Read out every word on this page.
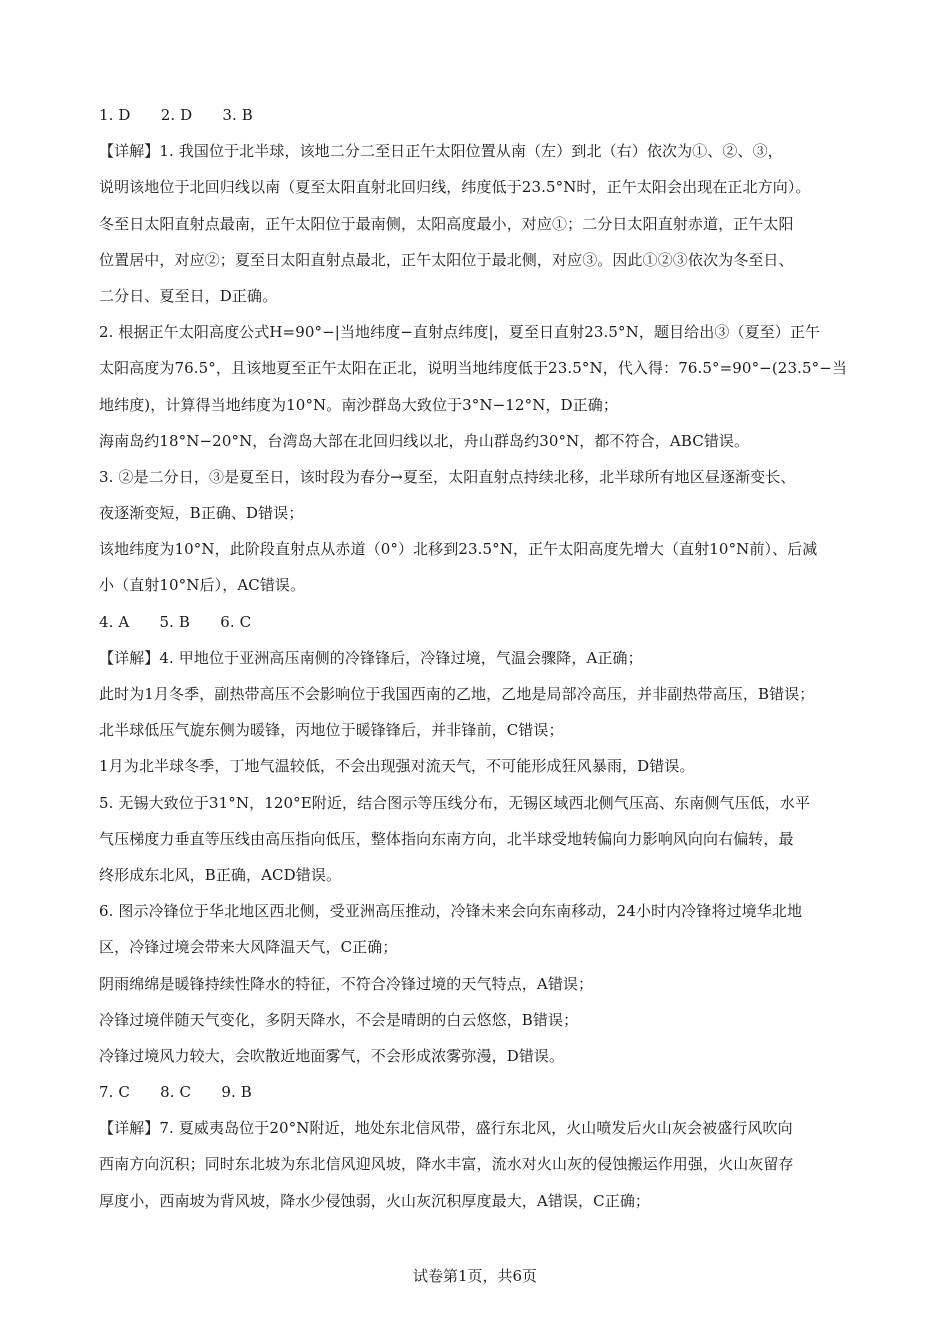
1. D　　2. D　　3. B
【详解】1. 我国位于北半球，该地二分二至日正午太阳位置从南（左）到北（右）依次为①、②、③，
说明该地位于北回归线以南（夏至太阳直射北回归线，纬度低于23.5°N时，正午太阳会出现在正北方向）。
冬至日太阳直射点最南，正午太阳位于最南侧，太阳高度最小，对应①；二分日太阳直射赤道，正午太阳
位置居中，对应②；夏至日太阳直射点最北，正午太阳位于最北侧，对应③。因此①②③依次为冬至日、
二分日、夏至日，D正确。
2. 根据正午太阳高度公式H=90°−|当地纬度−直射点纬度|，夏至日直射23.5°N，题目给出③（夏至）正午
太阳高度为76.5°，且该地夏至正午太阳在正北，说明当地纬度低于23.5°N，代入得：76.5°=90°−(23.5°−当
地纬度)，计算得当地纬度为10°N。南沙群岛大致位于3°N−12°N，D正确；
海南岛约18°N−20°N，台湾岛大部在北回归线以北，舟山群岛约30°N，都不符合，ABC错误。
3. ②是二分日，③是夏至日，该时段为春分→夏至，太阳直射点持续北移，北半球所有地区昼逐渐变长、
夜逐渐变短，B正确、D错误；
该地纬度为10°N，此阶段直射点从赤道（0°）北移到23.5°N，正午太阳高度先增大（直射10°N前）、后减
小（直射10°N后），AC错误。
4. A　　5. B　　6. C
【详解】4. 甲地位于亚洲高压南侧的冷锋锋后，冷锋过境，气温会骤降，A正确；
此时为1月冬季，副热带高压不会影响位于我国西南的乙地，乙地是局部冷高压，并非副热带高压，B错误；
北半球低压气旋东侧为暖锋，丙地位于暖锋锋后，并非锋前，C错误；
1月为北半球冬季，丁地气温较低，不会出现强对流天气，不可能形成狂风暴雨，D错误。
5. 无锡大致位于31°N，120°E附近，结合图示等压线分布，无锡区域西北侧气压高、东南侧气压低，水平
气压梯度力垂直等压线由高压指向低压，整体指向东南方向，北半球受地转偏向力影响风向向右偏转，最
终形成东北风，B正确，ACD错误。
6. 图示冷锋位于华北地区西北侧，受亚洲高压推动，冷锋未来会向东南移动，24小时内冷锋将过境华北地
区，冷锋过境会带来大风降温天气，C正确；
阴雨绵绵是暖锋持续性降水的特征，不符合冷锋过境的天气特点，A错误；
冷锋过境伴随天气变化，多阴天降水，不会是晴朗的白云悠悠，B错误；
冷锋过境风力较大，会吹散近地面雾气，不会形成浓雾弥漫，D错误。
7. C　　8. C　　9. B
【详解】7. 夏威夷岛位于20°N附近，地处东北信风带，盛行东北风，火山喷发后火山灰会被盛行风吹向
西南方向沉积；同时东北坡为东北信风迎风坡，降水丰富，流水对火山灰的侵蚀搬运作用强，火山灰留存
厚度小，西南坡为背风坡，降水少侵蚀弱，火山灰沉积厚度最大，A错误，C正确；
试卷第1页，共6页
